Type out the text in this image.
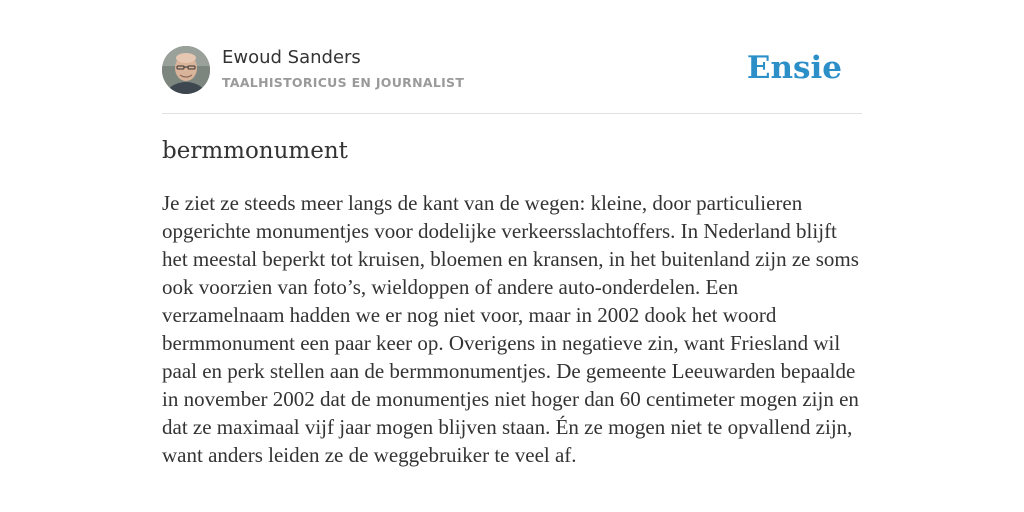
Ewoud Sanders
TAALHISTORICUS EN JOURNALIST	Ensie
bermmonument
Je ziet ze steeds meer langs de kant van de wegen: kleine, door particulieren opgerichte monumentjes voor dodelijke verkeersslachtoffers. In Nederland blijft het meestal beperkt tot kruisen, bloemen en kransen, in het buitenland zijn ze soms ook voorzien van foto’s, wieldoppen of andere auto-onderdelen. Een verzamelnaam hadden we er nog niet voor, maar in 2002 dook het woord bermmonument een paar keer op. Overigens in negatieve zin, want Friesland wil paal en perk stellen aan de bermmonumentjes. De gemeente Leeuwarden bepaalde in november 2002 dat de monumentjes niet hoger dan 60 centimeter mogen zijn en dat ze maximaal vijf jaar mogen blijven staan. Én ze mogen niet te opvallend zijn, want anders leiden ze de weggebruiker te veel af.
